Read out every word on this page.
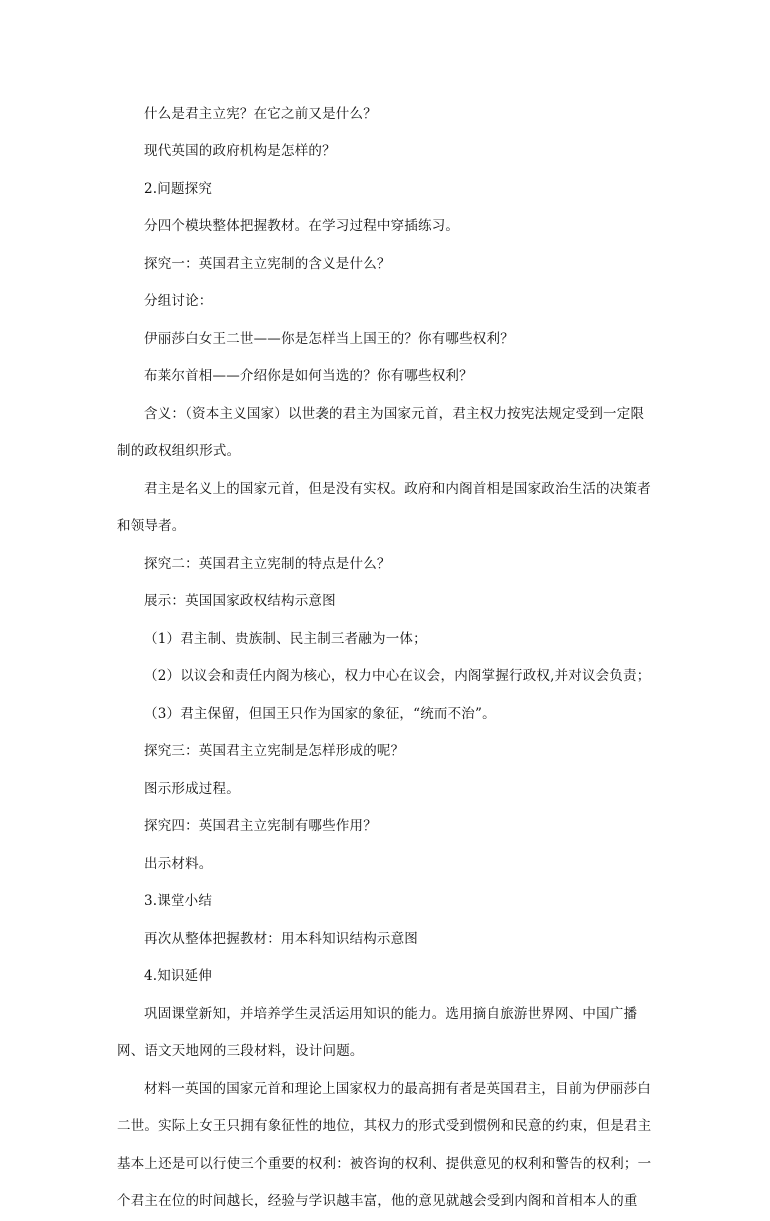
什么是君主立宪？在它之前又是什么？

现代英国的政府机构是怎样的？

2.问题探究

分四个模块整体把握教材。在学习过程中穿插练习。

探究一：英国君主立宪制的含义是什么？

分组讨论：

伊丽莎白女王二世——你是怎样当上国王的？你有哪些权利？

布莱尔首相——介绍你是如何当选的？你有哪些权利？

含义：（资本主义国家）以世袭的君主为国家元首，君主权力按宪法规定受到一定限

制的政权组织形式。

君主是名义上的国家元首，但是没有实权。政府和内阁首相是国家政治生活的决策者

和领导者。

探究二：英国君主立宪制的特点是什么？

展示：英国国家政权结构示意图

（1）君主制、贵族制、民主制三者融为一体；

（2）以议会和责任内阁为核心，权力中心在议会，内阁掌握行政权,并对议会负责；

（3）君主保留，但国王只作为国家的象征，“统而不治”。

探究三：英国君主立宪制是怎样形成的呢？

图示形成过程。

探究四：英国君主立宪制有哪些作用？

出示材料。

3.课堂小结

再次从整体把握教材：用本科知识结构示意图

4.知识延伸

巩固课堂新知，并培养学生灵活运用知识的能力。选用摘自旅游世界网、中国广播

网、语文天地网的三段材料，设计问题。

材料一英国的国家元首和理论上国家权力的最高拥有者是英国君主，目前为伊丽莎白

二世。实际上女王只拥有象征性的地位，其权力的形式受到惯例和民意的约束，但是君主

基本上还是可以行使三个重要的权利：被咨询的权利、提供意见的权利和警告的权利；一

个君主在位的时间越长，经验与学识越丰富，他的意见就越会受到内阁和首相本人的重
